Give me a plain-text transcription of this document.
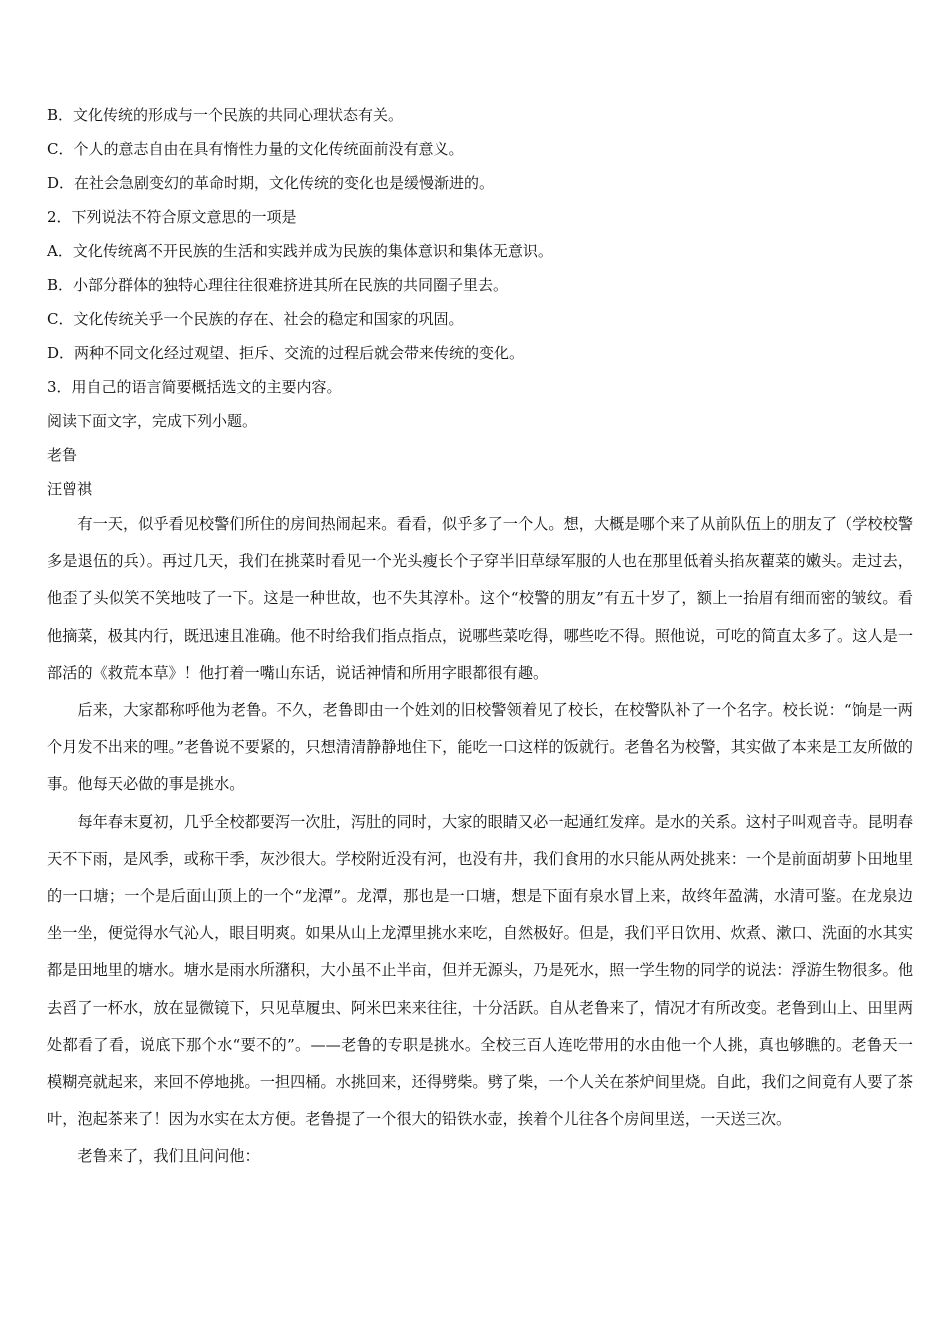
B．文化传统的形成与一个民族的共同心理状态有关。
C．个人的意志自由在具有惰性力量的文化传统面前没有意义。
D．在社会急剧变幻的革命时期，文化传统的变化也是缓慢渐进的。
2．下列说法不符合原文意思的一项是
A．文化传统离不开民族的生活和实践并成为民族的集体意识和集体无意识。
B．小部分群体的独特心理往往很难挤进其所在民族的共同圈子里去。
C．文化传统关乎一个民族的存在、社会的稳定和国家的巩固。
D．两种不同文化经过观望、拒斥、交流的过程后就会带来传统的变化。
3．用自己的语言简要概括选文的主要内容。
阅读下面文字，完成下列小题。
老鲁
汪曾祺

有一天，似乎看见校警们所住的房间热闹起来。看看，似乎多了一个人。想，大概是哪个来了从前队伍上的朋友了（学校校警多是退伍的兵）。再过几天，我们在挑菜时看见一个光头瘦长个子穿半旧草绿军服的人也在那里低着头掐灰藋菜的嫩头。走过去，他歪了头似笑不笑地吱了一下。这是一种世故，也不失其淳朴。这个“校警的朋友”有五十岁了，额上一抬眉有细而密的皱纹。看他摘菜，极其内行，既迅速且准确。他不时给我们指点指点，说哪些菜吃得，哪些吃不得。照他说，可吃的简直太多了。这人是一部活的《救荒本草》！他打着一嘴山东话，说话神情和所用字眼都很有趣。

后来，大家都称呼他为老鲁。不久，老鲁即由一个姓刘的旧校警领着见了校长，在校警队补了一个名字。校长说：“饷是一两个月发不出来的哩。”老鲁说不要紧的，只想清清静静地住下，能吃一口这样的饭就行。老鲁名为校警，其实做了本来是工友所做的事。他每天必做的事是挑水。

每年春末夏初，几乎全校都要泻一次肚，泻肚的同时，大家的眼睛又必一起通红发痒。是水的关系。这村子叫观音寺。昆明春天不下雨，是风季，或称干季，灰沙很大。学校附近没有河，也没有井，我们食用的水只能从两处挑来：一个是前面胡萝卜田地里的一口塘；一个是后面山顶上的一个“龙潭”。龙潭，那也是一口塘，想是下面有泉水冒上来，故终年盈满，水清可鉴。在龙泉边坐一坐，便觉得水气沁人，眼目明爽。如果从山上龙潭里挑水来吃，自然极好。但是，我们平日饮用、炊煮、漱口、洗面的水其实都是田地里的塘水。塘水是雨水所潴积，大小虽不止半亩，但并无源头，乃是死水，照一学生物的同学的说法：浮游生物很多。他去舀了一杯水，放在显微镜下，只见草履虫、阿米巴来来往往，十分活跃。自从老鲁来了，情况才有所改变。老鲁到山上、田里两处都看了看，说底下那个水“要不的”。——老鲁的专职是挑水。全校三百人连吃带用的水由他一个人挑，真也够瞧的。老鲁天一模糊亮就起来，来回不停地挑。一担四桶。水挑回来，还得劈柴。劈了柴，一个人关在茶炉间里烧。自此，我们之间竟有人要了茶叶，泡起茶来了！因为水实在太方便。老鲁提了一个很大的铅铁水壶，挨着个儿往各个房间里送，一天送三次。

老鲁来了，我们且问问他：
